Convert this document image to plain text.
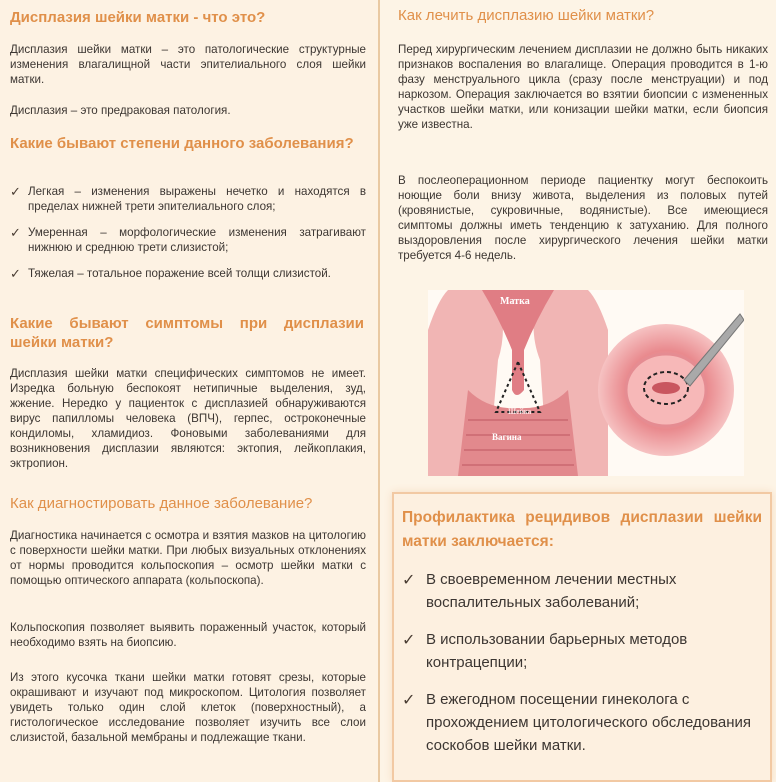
Дисплазия шейки матки - что это?

Дисплазия шейки матки – это патологические структурные изменения влагалищной части эпителиального слоя шейки матки.

Дисплазия – это предраковая патология.

Какие бывают степени данного заболевания?
✓ Легкая – изменения выражены нечетко и находятся в пределах нижней трети эпителиального слоя;
✓ Умеренная – морфологические изменения затрагивают нижнюю и среднюю трети слизистой;
✓ Тяжелая – тотальное поражение всей толщи слизистой.
Какие бывают симптомы при дисплазии шейки матки?

Дисплазия шейки матки специфических симптомов не имеет. Изредка больную беспокоят нетипичные выделения, зуд, жжение. Нередко у пациенток с дисплазией обнаруживаются вирус папилломы человека (ВПЧ), герпес, остроконечные кондиломы, хламидиоз. Фоновыми заболеваниями для возникновения дисплазии являются: эктопия, лейкоплакия, эктропион.

Как диагностировать данное заболевание?

Диагностика начинается с осмотра и взятия мазков на цитологию с поверхности шейки матки. При любых визуальных отклонениях от нормы проводится кольпоскопия – осмотр шейки матки с помощью оптического аппарата (кольпоскопа).

Кольпоскопия позволяет выявить пораженный участок, который необходимо взять на биопсию.

Из этого кусочка ткани шейки матки готовят срезы, которые окрашивают и изучают под микроскопом. Цитология позволяет увидеть только один слой клеток (поверхностный), а гистологическое исследование позволяет изучить все слои слизистой, базальной мембраны и подлежащие ткани.

Как лечить дисплазию шейки матки?

Перед хирургическим лечением дисплазии не должно быть никаких признаков воспаления во влагалище. Операция проводится в 1-ю фазу менструального цикла (сразу после менструации) и под наркозом. Операция заключается во взятии биопсии с измененных участков шейки матки, или конизации шейки матки, если биопсия уже известна.

В послеоперационном периоде пациентку могут беспокоить ноющие боли внизу живота, выделения из половых путей (кровянистые, сукровичные, водянистые). Все имеющиеся симптомы должны иметь тенденцию к затуханию. Для полного выздоровления после хирургического лечения шейки матки требуется 4-6 недель.

Матка
Шейка
Вагина
Профилактика рецидивов дисплазии шейки матки заключается:
✓ В своевременном лечении местных воспалительных заболеваний;
✓ В использовании барьерных методов контрацепции;
✓ В ежегодном посещении гинеколога с прохождением цитологического обследования соскобов шейки матки.
